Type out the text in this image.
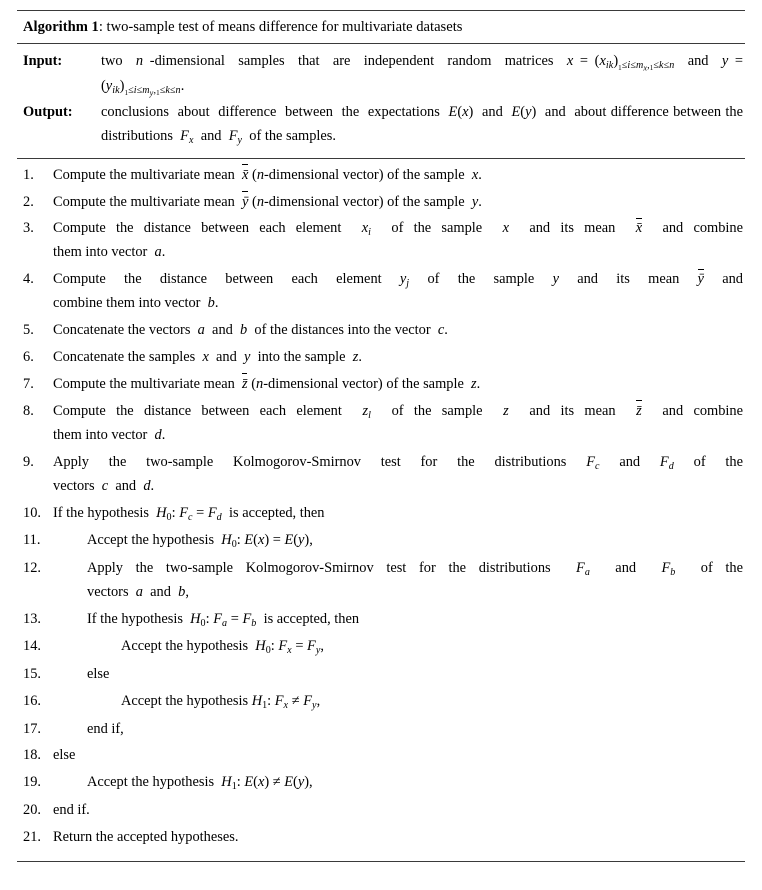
Algorithm 1: two-sample test of means difference for multivariate datasets
Input:	two  n -dimensional  samples  that  are  independent  random  matrices  $x = (x_{ik})_{1\le i\le m_x,1\le k\le n}$  and  $y = (y_{ik})_{1\le i\le m_y,1\le k\le n}$.
Output:	conclusions  about  difference  between  the  expectations  E(x)  and  E(y)  and  about difference between the distributions  $F_x$  and  $F_y$  of the samples.
1.	Compute the multivariate mean  x̄ (n-dimensional vector) of the sample  x.
2.	Compute the multivariate mean  ȳ (n-dimensional vector) of the sample  y.
3.	Compute the distance between each element  $x_i$  of the sample  x  and its mean  x̄  and combine
them into vector  a.
4.	Compute  the  distance  between  each  element  $y_j$  of  the  sample  y  and  its  mean  ȳ  and
combine them into vector  b.
5.	Concatenate the vectors  a  and  b  of the distances into the vector  c.
6.	Concatenate the samples  x  and  y  into the sample  z.
7.	Compute the multivariate mean  z̄ (n-dimensional vector) of the sample  z.
8.	Compute the distance between each element  $z_l$  of the sample  z  and its mean  z̄  and combine
them into vector  d.
9.	Apply  the  two-sample  Kolmogorov-Smirnov  test  for  the  distributions  $F_c$  and  $F_d$  of  the
vectors  c  and  d.
10. If the hypothesis  H0: $F_c = F_d$  is accepted, then
11.	Accept the hypothesis  H0: E(x) = E(y),
12.	Apply the two-sample Kolmogorov-Smirnov test for the distributions  $F_a$  and  $F_b$  of the
vectors  a  and  b,
13.	If the hypothesis  H0: $F_a = F_b$  is accepted, then
14.	Accept the hypothesis  H0: $F_x = F_y$,
15.	else
16.	Accept the hypothesis H1: $F_x \ne F_y$,
17.	end if,
18. else
19.	Accept the hypothesis  H1: E(x) ≠ E(y),
20. end if.
21. Return the accepted hypotheses.
